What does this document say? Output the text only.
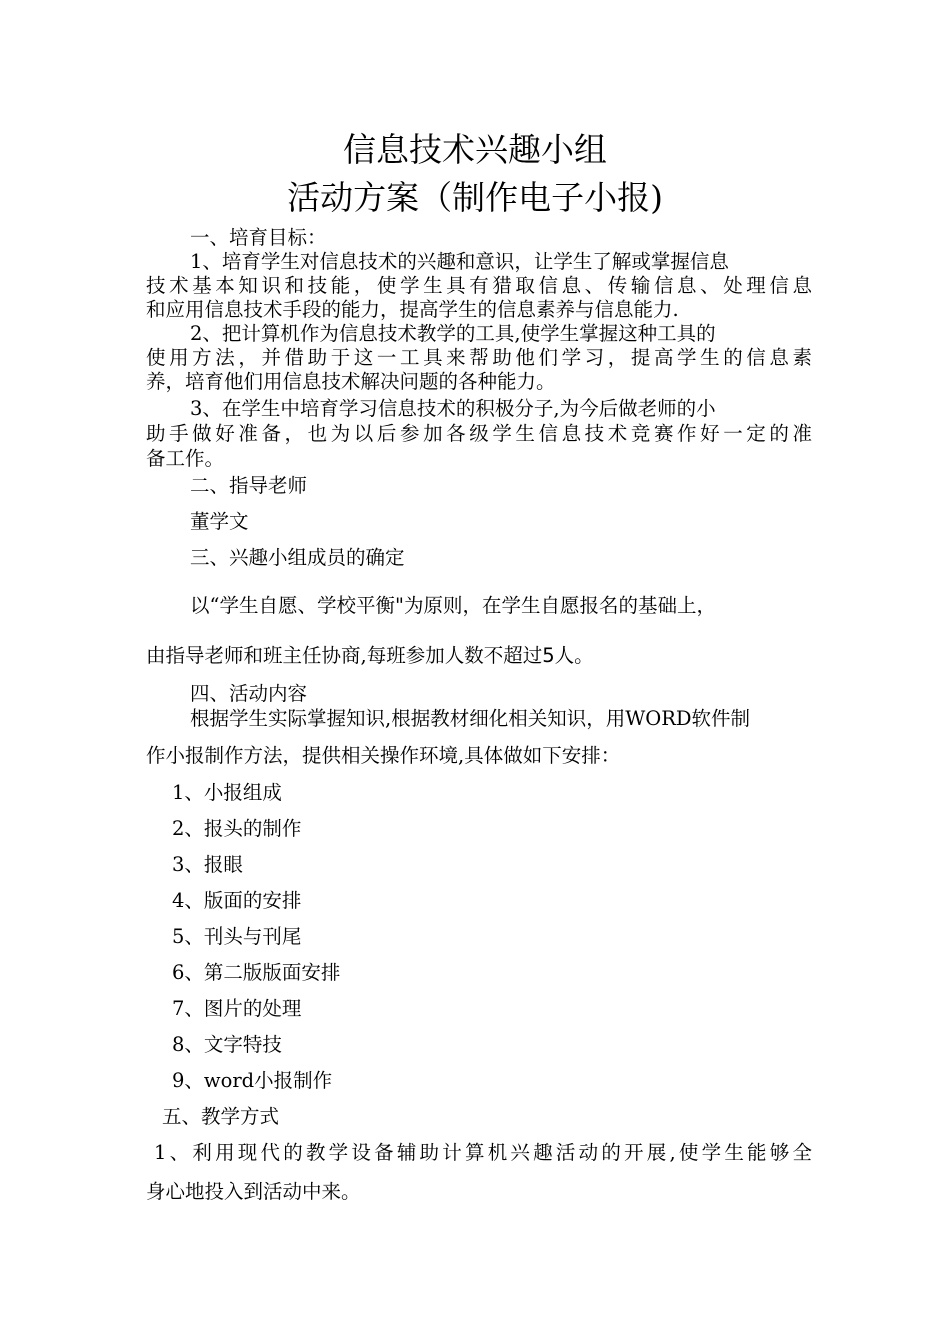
信息技术兴趣小组
活动方案（制作电子小报)
一、培育目标：
1、培育学生对信息技术的兴趣和意识，让学生了解或掌握信息
技术基本知识和技能，使学生具有猎取信息、传输信息、处理信息
和应用信息技术手段的能力，提高学生的信息素养与信息能力.
2、把计算机作为信息技术教学的工具,使学生掌握这种工具的
使用方法，并借助于这一工具来帮助他们学习，提高学生的信息素
养，培育他们用信息技术解决问题的各种能力。
3、在学生中培育学习信息技术的积极分子,为今后做老师的小
助手做好准备，也为以后参加各级学生信息技术竞赛作好一定的准
备工作。
二、指导老师
董学文
三、兴趣小组成员的确定
以“学生自愿、学校平衡"为原则，在学生自愿报名的基础上，
由指导老师和班主任协商,每班参加人数不超过5人。
四、活动内容
根据学生实际掌握知识,根据教材细化相关知识，用WORD软件制
作小报制作方法，提供相关操作环境,具体做如下安排：
1、小报组成
2、报头的制作
3、报眼
4、版面的安排
5、刊头与刊尾
6、第二版版面安排
7、图片的处理
8、文字特技
9、word小报制作
五、教学方式
1、利用现代的教学设备辅助计算机兴趣活动的开展,使学生能够全
身心地投入到活动中来。
